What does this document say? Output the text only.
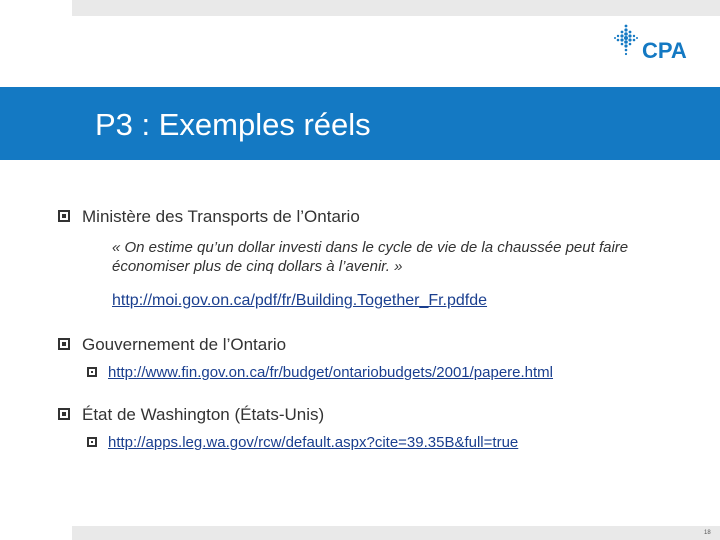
CPA
P3 : Exemples réels
Ministère des Transports de l’Ontario
« On estime qu’un dollar investi dans le cycle de vie de la chaussée peut faire économiser plus de cinq dollars à l’avenir. »
http://moi.gov.on.ca/pdf/fr/Building.Together_Fr.pdfde
Gouvernement de l’Ontario
http://www.fin.gov.on.ca/fr/budget/ontariobudgets/2001/papere.html
État de Washington (États-Unis)
http://apps.leg.wa.gov/rcw/default.aspx?cite=39.35B&full=true
18
